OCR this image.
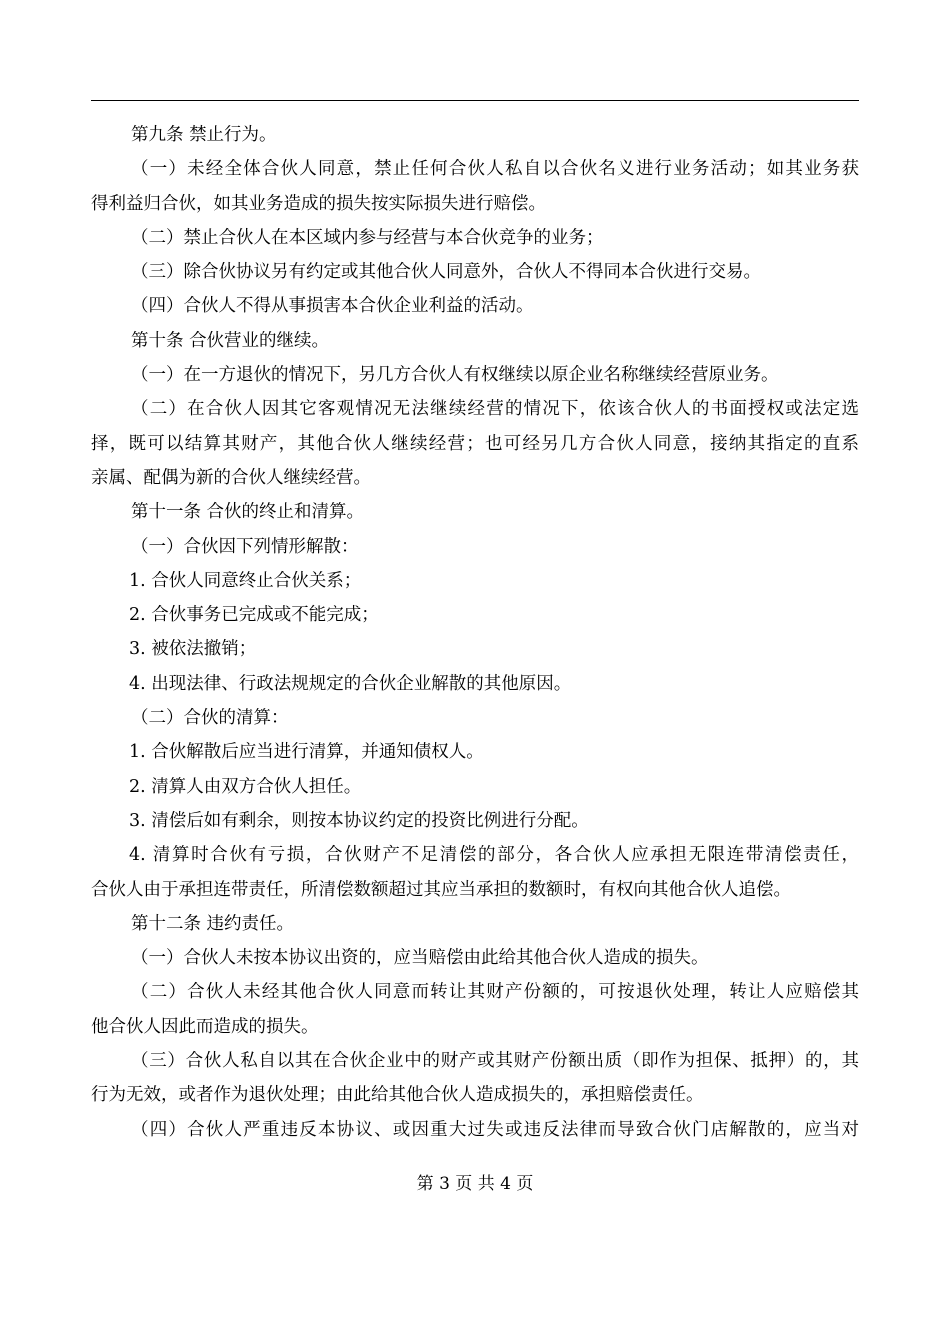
第九条 禁止行为。
（一）未经全体合伙人同意，禁止任何合伙人私自以合伙名义进行业务活动；如其业务获
得利益归合伙，如其业务造成的损失按实际损失进行赔偿。
（二）禁止合伙人在本区域内参与经营与本合伙竞争的业务；
（三）除合伙协议另有约定或其他合伙人同意外，合伙人不得同本合伙进行交易。
（四）合伙人不得从事损害本合伙企业利益的活动。
第十条 合伙营业的继续。
（一）在一方退伙的情况下，另几方合伙人有权继续以原企业名称继续经营原业务。
（二）在合伙人因其它客观情况无法继续经营的情况下，依该合伙人的书面授权或法定选
择，既可以结算其财产，其他合伙人继续经营；也可经另几方合伙人同意，接纳其指定的直系
亲属、配偶为新的合伙人继续经营。
第十一条 合伙的终止和清算。
（一）合伙因下列情形解散：
1. 合伙人同意终止合伙关系；
2. 合伙事务已完成或不能完成；
3. 被依法撤销；
4. 出现法律、行政法规规定的合伙企业解散的其他原因。
（二）合伙的清算：
1. 合伙解散后应当进行清算，并通知债权人。
2. 清算人由双方合伙人担任。
3. 清偿后如有剩余，则按本协议约定的投资比例进行分配。
4. 清算时合伙有亏损，合伙财产不足清偿的部分，各合伙人应承担无限连带清偿责任，
合伙人由于承担连带责任，所清偿数额超过其应当承担的数额时，有权向其他合伙人追偿。
第十二条 违约责任。
（一）合伙人未按本协议出资的，应当赔偿由此给其他合伙人造成的损失。
（二）合伙人未经其他合伙人同意而转让其财产份额的，可按退伙处理，转让人应赔偿其
他合伙人因此而造成的损失。
（三）合伙人私自以其在合伙企业中的财产或其财产份额出质（即作为担保、抵押）的，其
行为无效，或者作为退伙处理；由此给其他合伙人造成损失的，承担赔偿责任。
（四）合伙人严重违反本协议、或因重大过失或违反法律而导致合伙门店解散的，应当对
第 3 页 共 4 页
